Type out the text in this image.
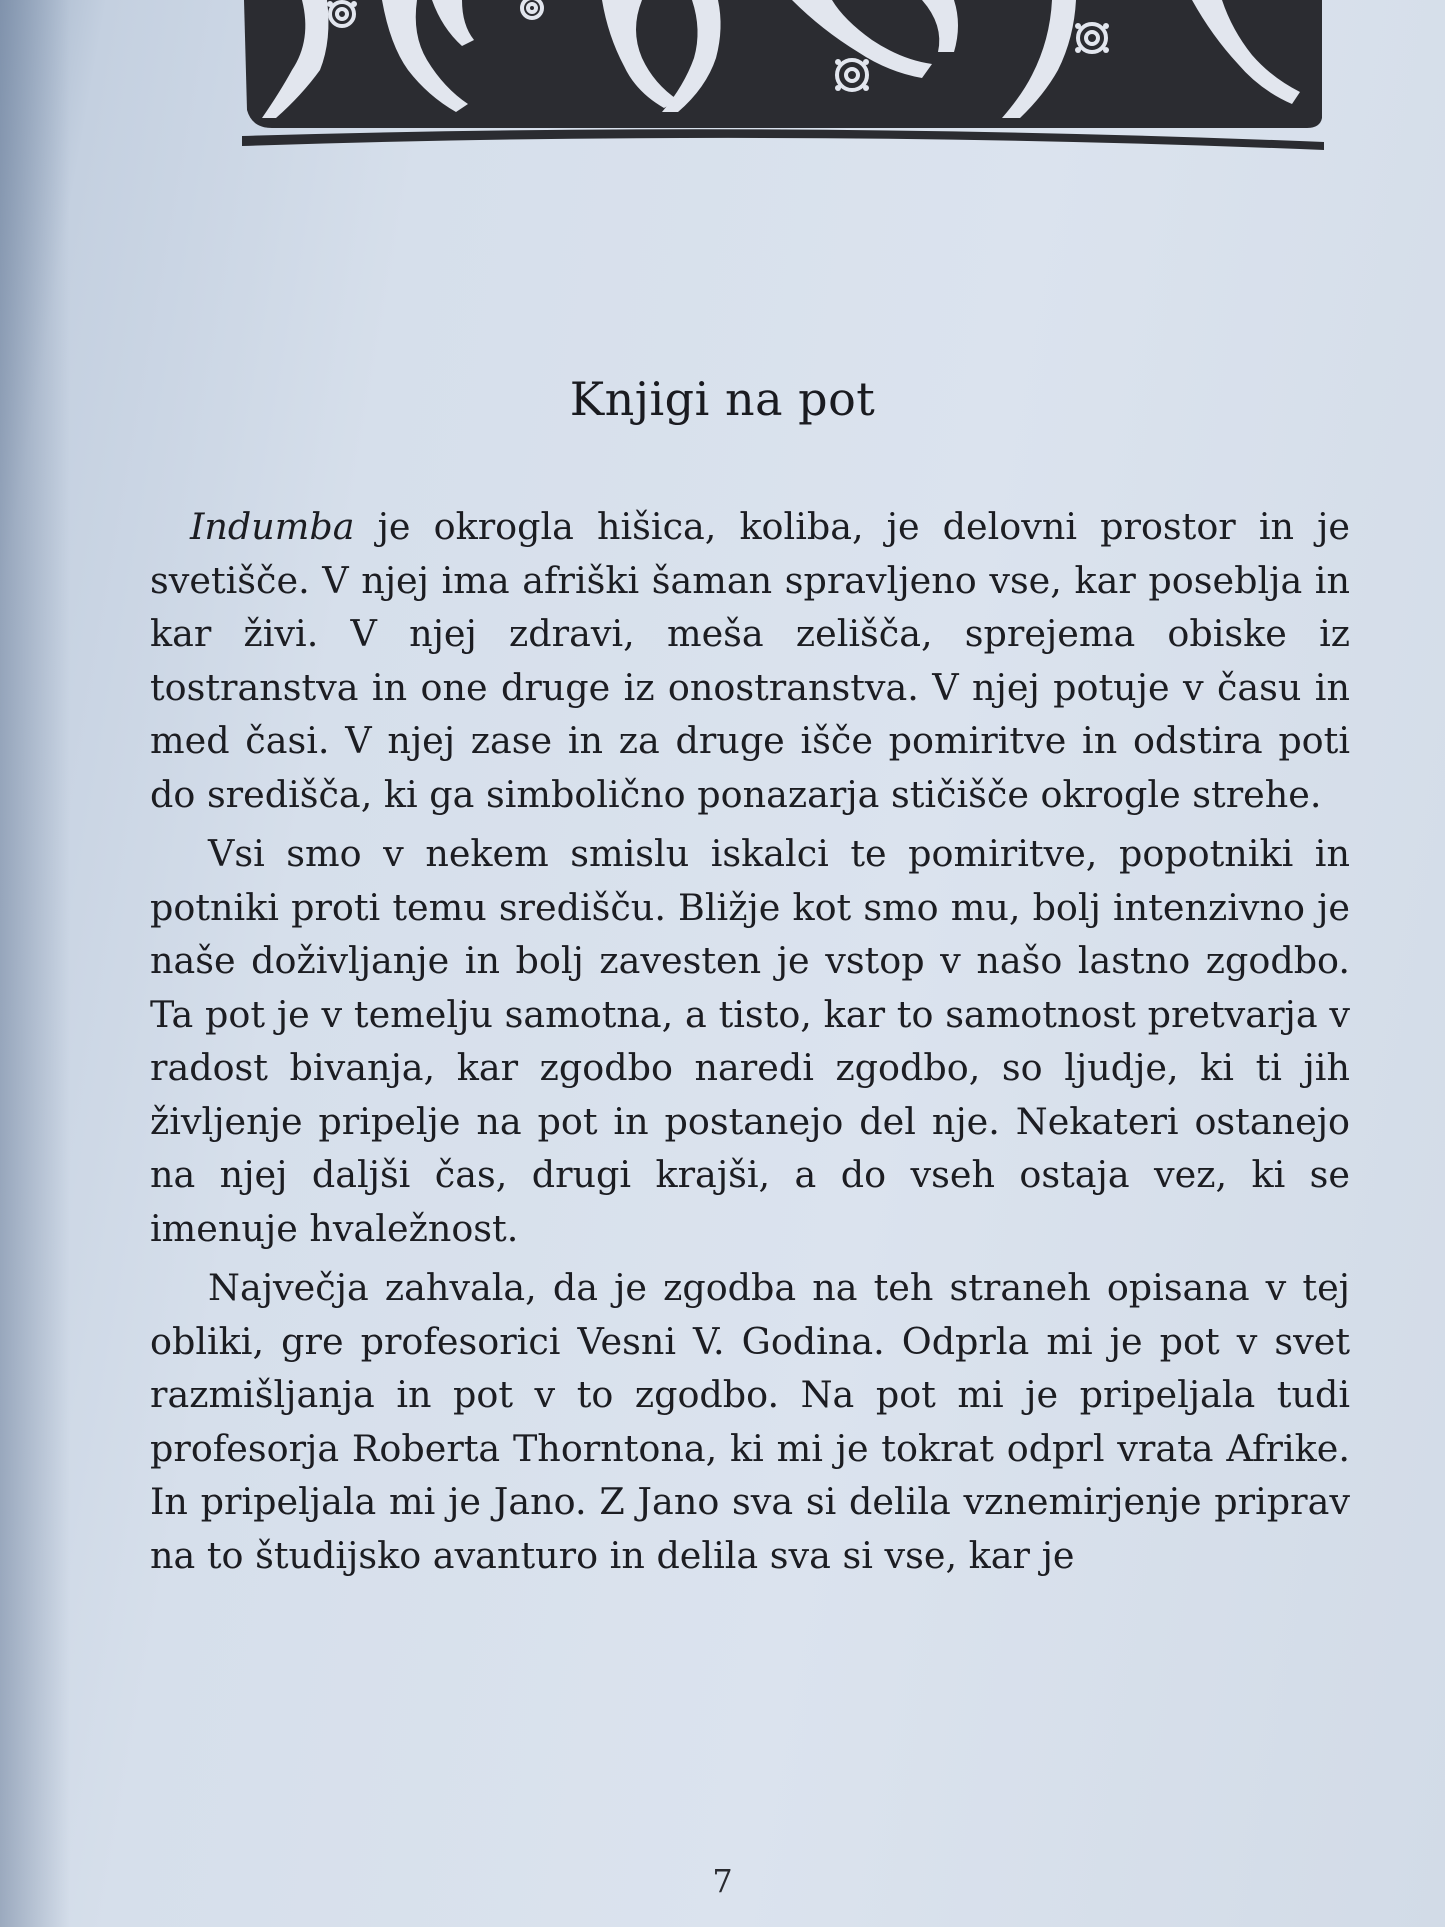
Knjigi na pot

Indumba je okrogla hišica, koliba, je delovni prostor in je svetišče. V njej ima afriški šaman spravljeno vse, kar poseblja in kar živi. V njej zdravi, meša zelišča, sprejema obiske iz tostranstva in one druge iz onostranstva. V njej potuje v času in med časi. V njej zase in za druge išče pomiritve in odstira poti do središča, ki ga simbolično ponazarja stičišče okrogle strehe.

Vsi smo v nekem smislu iskalci te pomiritve, popotniki in potniki proti temu središču. Bližje kot smo mu, bolj intenzivno je naše doživljanje in bolj zavesten je vstop v našo lastno zgodbo. Ta pot je v temelju samotna, a tisto, kar to samotnost pretvarja v radost bivanja, kar zgodbo naredi zgodbo, so ljudje, ki ti jih življenje pripelje na pot in postanejo del nje. Nekateri ostanejo na njej daljši čas, drugi krajši, a do vseh ostaja vez, ki se imenuje hvaležnost.

Največja zahvala, da je zgodba na teh straneh opisana v tej obliki, gre profesorici Vesni V. Godina. Odprla mi je pot v svet razmišljanja in pot v to zgodbo. Na pot mi je pripeljala tudi profesorja Roberta Thorntona, ki mi je tokrat odprl vrata Afrike. In pripeljala mi je Jano. Z Jano sva si delila vznemirjenje priprav na to študijsko avanturo in delila sva si vse, kar je

7
